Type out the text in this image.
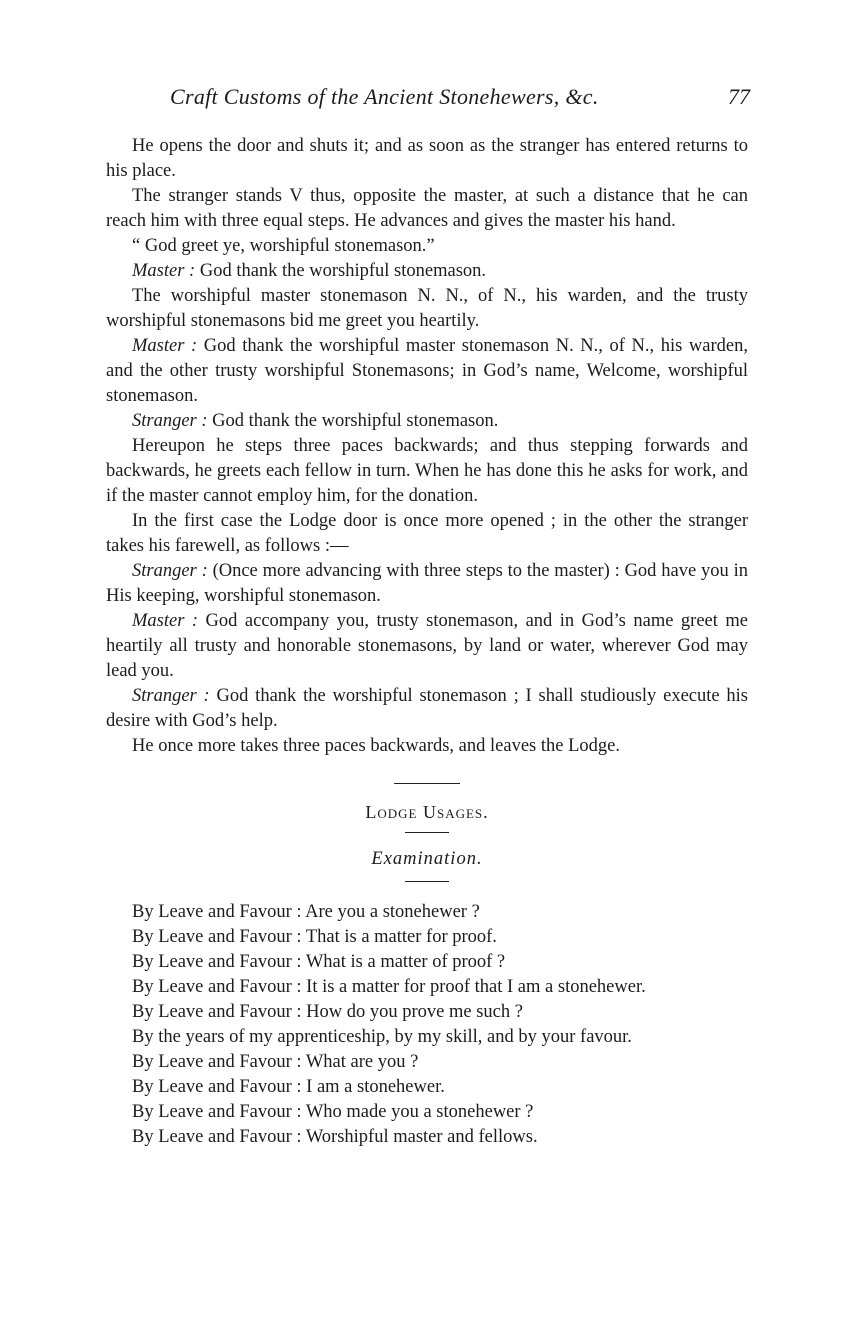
Craft Customs of the Ancient Stonehewers, &c.	77

He opens the door and shuts it; and as soon as the stranger has entered returns to his place.

The stranger stands V thus, opposite the master, at such a distance that he can reach him with three equal steps. He advances and gives the master his hand.

“ God greet ye, worshipful stonemason.”

Master : God thank the worshipful stonemason.

The worshipful master stonemason N. N., of N., his warden, and the trusty worshipful stonemasons bid me greet you heartily.

Master : God thank the worshipful master stonemason N. N., of N., his warden, and the other trusty worshipful Stonemasons; in God’s name, Welcome, worshipful stonemason.

Stranger : God thank the worshipful stonemason.

Hereupon he steps three paces backwards; and thus stepping forwards and backwards, he greets each fellow in turn. When he has done this he asks for work, and if the master cannot employ him, for the donation.

In the first case the Lodge door is once more opened ; in the other the stranger takes his farewell, as follows :—

Stranger : (Once more advancing with three steps to the master) : God have you in His keeping, worshipful stonemason.

Master : God accompany you, trusty stonemason, and in God’s name greet me heartily all trusty and honorable stonemasons, by land or water, wherever God may lead you.

Stranger : God thank the worshipful stonemason ; I shall studiously execute his desire with God’s help.

He once more takes three paces backwards, and leaves the Lodge.

Lodge Usages.
Examination.

By Leave and Favour : Are you a stonehewer ?

By Leave and Favour : That is a matter for proof.

By Leave and Favour : What is a matter of proof ?

By Leave and Favour : It is a matter for proof that I am a stonehewer.

By Leave and Favour : How do you prove me such ?

By the years of my apprenticeship, by my skill, and by your favour.

By Leave and Favour : What are you ?

By Leave and Favour : I am a stonehewer.

By Leave and Favour : Who made you a stonehewer ?

By Leave and Favour : Worshipful master and fellows.
